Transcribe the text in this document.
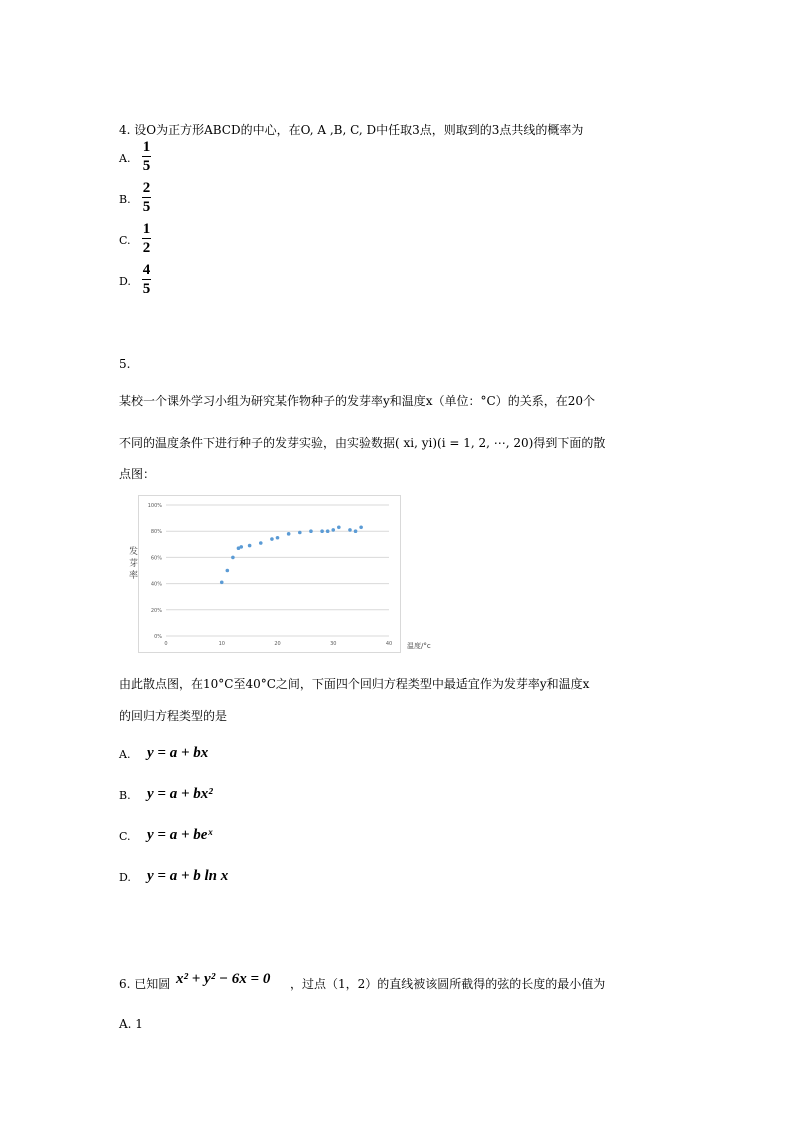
4. 设O为正方形ABCD的中心，在O, A ,B, C, D中任取3点，则取到的3点共线的概率为
A.
1
5
B.
2
5
C.
1
2
D.
4
5
5.
某校一个课外学习小组为研究某作物种子的发芽率y和温度x（单位：°C）的关系，在20个
不同的温度条件下进行种子的发芽实验，由实验数据( xi, yi)(i = 1, 2, ⋯, 20)得到下面的散
点图：
0%
20%
40%
60%
80%
100%
0	10	20	30	40
发
芽
率
温度/°c
由此散点图，在10°C至40°C之间，下面四个回归方程类型中最适宜作为发芽率y和温度x
的回归方程类型的是
A. y = a + bx
B. y = a + bx²
C. y = a + beˣ
D. y = a + b ln x
6. 已知圆 x² + y² − 6x = 0 ，过点（1，2）的直线被该圆所截得的弦的长度的最小值为
A. 1
